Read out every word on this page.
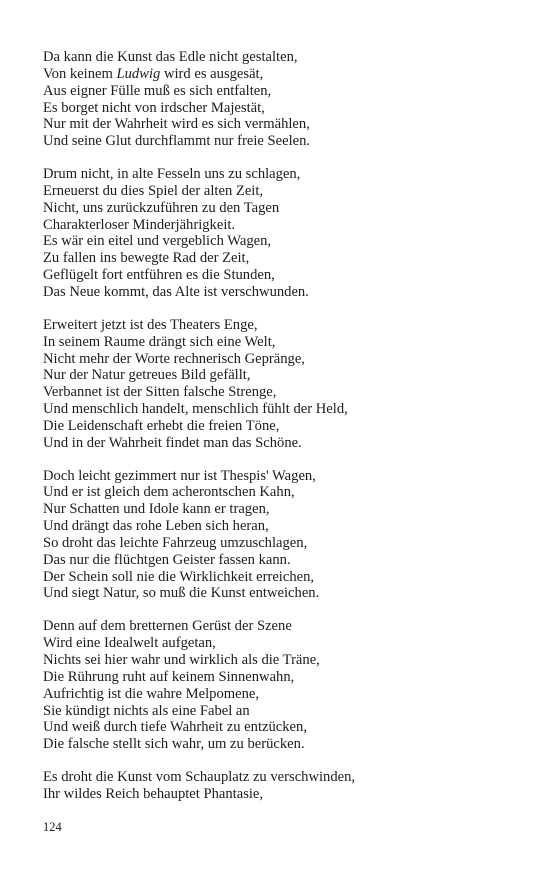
Da kann die Kunst das Edle nicht gestalten,
Von keinem Ludwig wird es ausgesät,
Aus eigner Fülle muß es sich entfalten,
Es borget nicht von irdscher Majestät,
Nur mit der Wahrheit wird es sich vermählen,
Und seine Glut durchflammt nur freie Seelen.
Drum nicht, in alte Fesseln uns zu schlagen,
Erneuerst du dies Spiel der alten Zeit,
Nicht, uns zurückzuführen zu den Tagen
Charakterloser Minderjährigkeit.
Es wär ein eitel und vergeblich Wagen,
Zu fallen ins bewegte Rad der Zeit,
Geflügelt fort entführen es die Stunden,
Das Neue kommt, das Alte ist verschwunden.
Erweitert jetzt ist des Theaters Enge,
In seinem Raume drängt sich eine Welt,
Nicht mehr der Worte rechnerisch Gepränge,
Nur der Natur getreues Bild gefällt,
Verbannet ist der Sitten falsche Strenge,
Und menschlich handelt, menschlich fühlt der Held,
Die Leidenschaft erhebt die freien Töne,
Und in der Wahrheit findet man das Schöne.
Doch leicht gezimmert nur ist Thespis' Wagen,
Und er ist gleich dem acherontschen Kahn,
Nur Schatten und Idole kann er tragen,
Und drängt das rohe Leben sich heran,
So droht das leichte Fahrzeug umzuschlagen,
Das nur die flüchtgen Geister fassen kann.
Der Schein soll nie die Wirklichkeit erreichen,
Und siegt Natur, so muß die Kunst entweichen.
Denn auf dem bretternen Gerüst der Szene
Wird eine Idealwelt aufgetan,
Nichts sei hier wahr und wirklich als die Träne,
Die Rührung ruht auf keinem Sinnenwahn,
Aufrichtig ist die wahre Melpomene,
Sie kündigt nichts als eine Fabel an
Und weiß durch tiefe Wahrheit zu entzücken,
Die falsche stellt sich wahr, um zu berücken.
Es droht die Kunst vom Schauplatz zu verschwinden,
Ihr wildes Reich behauptet Phantasie,
124
